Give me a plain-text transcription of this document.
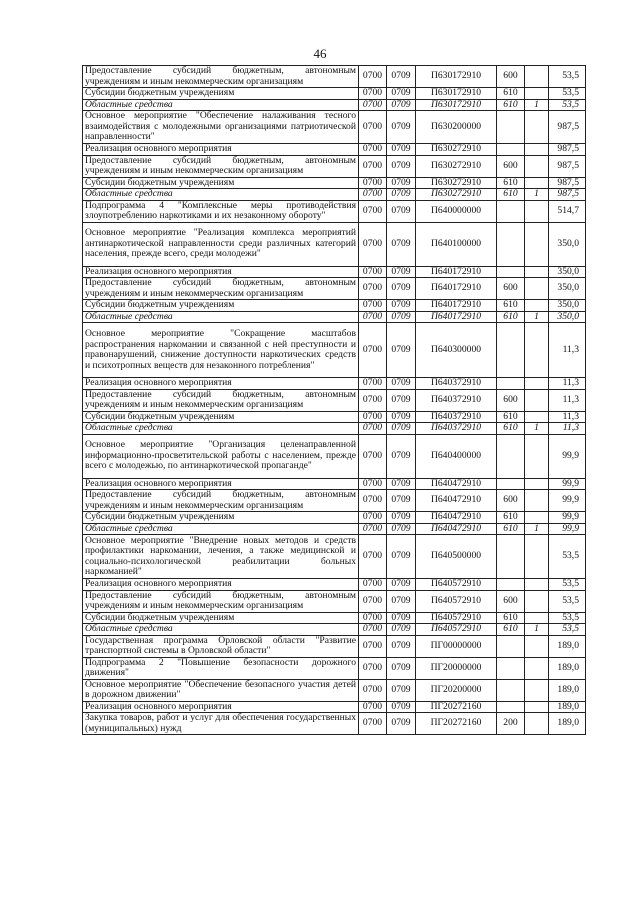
46
Предоставление субсидий бюджетным, автономным учреждениям и иным некоммерческим организациям	0700	0709	П630172910	600		53,5
Субсидии бюджетным учреждениям	0700	0709	П630172910	610		53,5
Областные средства	0700	0709	П630172910	610	1	53,5
Основное мероприятие "Обеспечение налаживания тесного взаимодействия с молодежными организациями патриотической направленности"	0700	0709	П630200000			987,5
Реализация основного мероприятия	0700	0709	П630272910			987,5
Предоставление субсидий бюджетным, автономным учреждениям и иным некоммерческим организациям	0700	0709	П630272910	600		987,5
Субсидии бюджетным учреждениям	0700	0709	П630272910	610		987,5
Областные средства	0700	0709	П630272910	610	1	987,5
Подпрограмма 4 "Комплексные меры противодействия злоупотреблению наркотиками и их незаконному обороту"	0700	0709	П640000000			514,7
Основное мероприятие "Реализация комплекса мероприятий антинаркотической направленности среди различных категорий населения, прежде всего, среди молодежи"	0700	0709	П640100000			350,0
Реализация основного мероприятия	0700	0709	П640172910			350,0
Предоставление субсидий бюджетным, автономным учреждениям и иным некоммерческим организациям	0700	0709	П640172910	600		350,0
Субсидии бюджетным учреждениям	0700	0709	П640172910	610		350,0
Областные средства	0700	0709	П640172910	610	1	350,0
Основное мероприятие "Сокращение масштабов распространения наркомании и связанной с ней преступности и правонарушений, снижение доступности наркотических средств и психотропных веществ для незаконного потребления"	0700	0709	П640300000			11,3
Реализация основного мероприятия	0700	0709	П640372910			11,3
Предоставление субсидий бюджетным, автономным учреждениям и иным некоммерческим организациям	0700	0709	П640372910	600		11,3
Субсидии бюджетным учреждениям	0700	0709	П640372910	610		11,3
Областные средства	0700	0709	П640372910	610	1	11,3
Основное мероприятие "Организация целенаправленной информационно-просветительской работы с населением, прежде всего с молодежью, по антинаркотической пропаганде"	0700	0709	П640400000			99,9
Реализация основного мероприятия	0700	0709	П640472910			99,9
Предоставление субсидий бюджетным, автономным учреждениям и иным некоммерческим организациям	0700	0709	П640472910	600		99,9
Субсидии бюджетным учреждениям	0700	0709	П640472910	610		99,9
Областные средства	0700	0709	П640472910	610	1	99,9
Основное мероприятие "Внедрение новых методов и средств профилактики наркомании, лечения, а также медицинской и социально-психологической реабилитации больных наркоманией"	0700	0709	П640500000			53,5
Реализация основного мероприятия	0700	0709	П640572910			53,5
Предоставление субсидий бюджетным, автономным учреждениям и иным некоммерческим организациям	0700	0709	П640572910	600		53,5
Субсидии бюджетным учреждениям	0700	0709	П640572910	610		53,5
Областные средства	0700	0709	П640572910	610	1	53,5
Государственная программа Орловской области "Развитие транспортной системы в Орловской области"	0700	0709	ПГ00000000			189,0
Подпрограмма 2 "Повышение безопасности дорожного движения"	0700	0709	ПГ20000000			189,0
Основное мероприятие "Обеспечение безопасного участия детей в дорожном движении"	0700	0709	ПГ20200000			189,0
Реализация основного мероприятия	0700	0709	ПГ20272160			189,0
Закупка товаров, работ и услуг для обеспечения государственных (муниципальных) нужд	0700	0709	ПГ20272160	200		189,0
